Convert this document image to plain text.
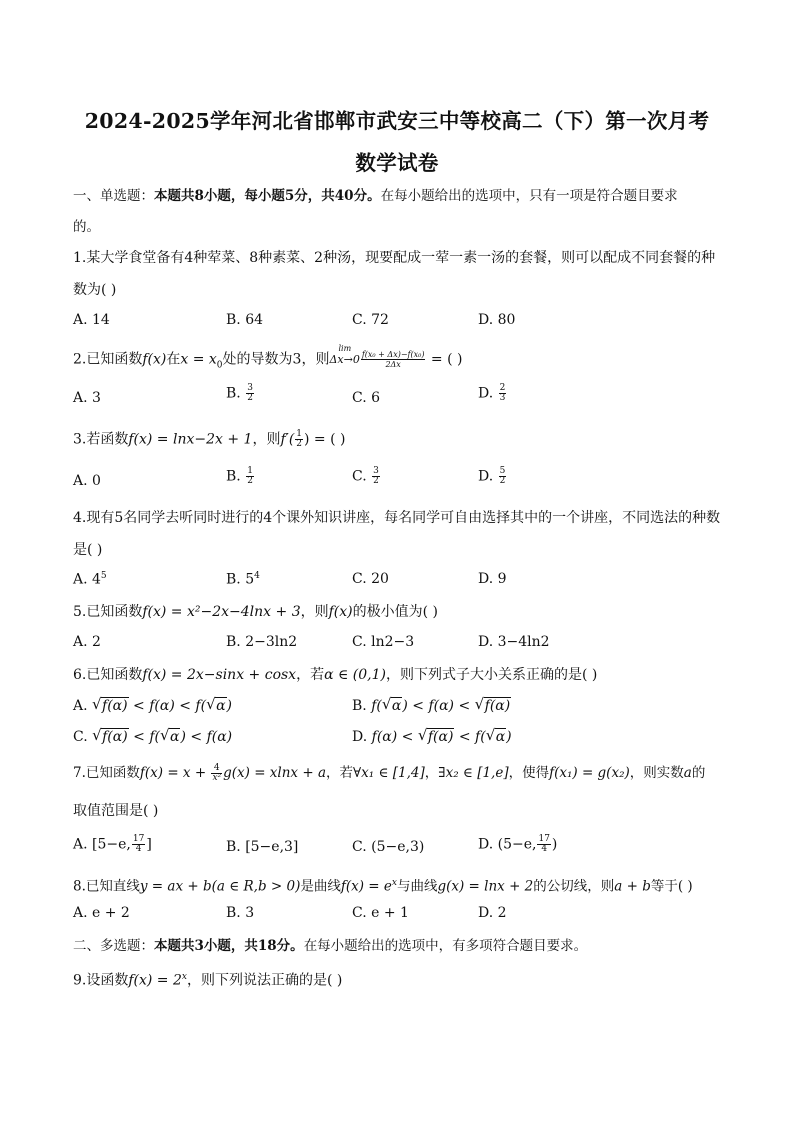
2024-2025学年河北省邯郸市武安三中等校高二（下）第一次月考
数学试卷
一、单选题：本题共8小题，每小题5分，共40分。在每小题给出的选项中，只有一项是符合题目要求
的。
1.某大学食堂备有4种荤菜、8种素菜、2种汤，现要配成一荤一素一汤的套餐，则可以配成不同套餐的种
数为( )
A. 14	B. 64	C. 72	D. 80
2.已知函数f(x)在$x = x_0$处的导数为3，则
lim
$\Delta x\to 0 \frac{\text{f(x₀ + Δx)−f(x₀)}}{2\Delta x}$ = ( )
A. 3	B. $\frac{3}{2}$	C. 6	D. $\frac{2}{3}$
3.若函数f(x) = lnx−2x + 1，则$f'( \frac{1}{2}$ ) = ( )
A. 0	B. $\frac{1}{2}$	C. $\frac{3}{2}$	D. $\frac{5}{2}$
4.现有5名同学去听同时进行的4个课外知识讲座，每名同学可自由选择其中的一个讲座，不同选法的种数
是( )
A. $4^5$	B. $5^4$	C. 20	D. 9
5.已知函数f(x) = x²−2x−4lnx + 3，则f(x)的极小值为( )
A. 2	B. 2−3ln2	C. ln2−3	D. 3−4ln2
6.已知函数f(x) = 2x−sinx + cosx，若α ∈ (0,1)，则下列式子大小关系正确的是( )
A. √ f(α) < f(α) < f( √ α)	B. f( √ α) < f(α) < √ f(α)
C. √ f(α) < f( √ α) < f(α)	D. f(α) < √ f(α) < f( √ α)
7.已知函数$f(x) = x + \frac{4}{\text{x²}} g(x) = xlnx + a$，若∀x₁ ∈ [1,4]，∃x₂ ∈ [1,e]，使得f(x₁) = g(x₂)，则实数a的
取值范围是( )
A. [5−e, $\frac{17}{4}$ ]	B. [5−e,3]	C. (5−e,3)	D. (5−e, $\frac{17}{4}$ )
8.已知直线y = ax + b(a ∈ R,b > 0)是曲线$f(x) = e^x$与曲线g(x) = lnx + 2的公切线，则a + b等于( )
A. e + 2	B. 3	C. e + 1	D. 2
二、多选题：本题共3小题，共18分。在每小题给出的选项中，有多项符合题目要求。
9.设函数$f(x) = 2^x$，则下列说法正确的是( )
